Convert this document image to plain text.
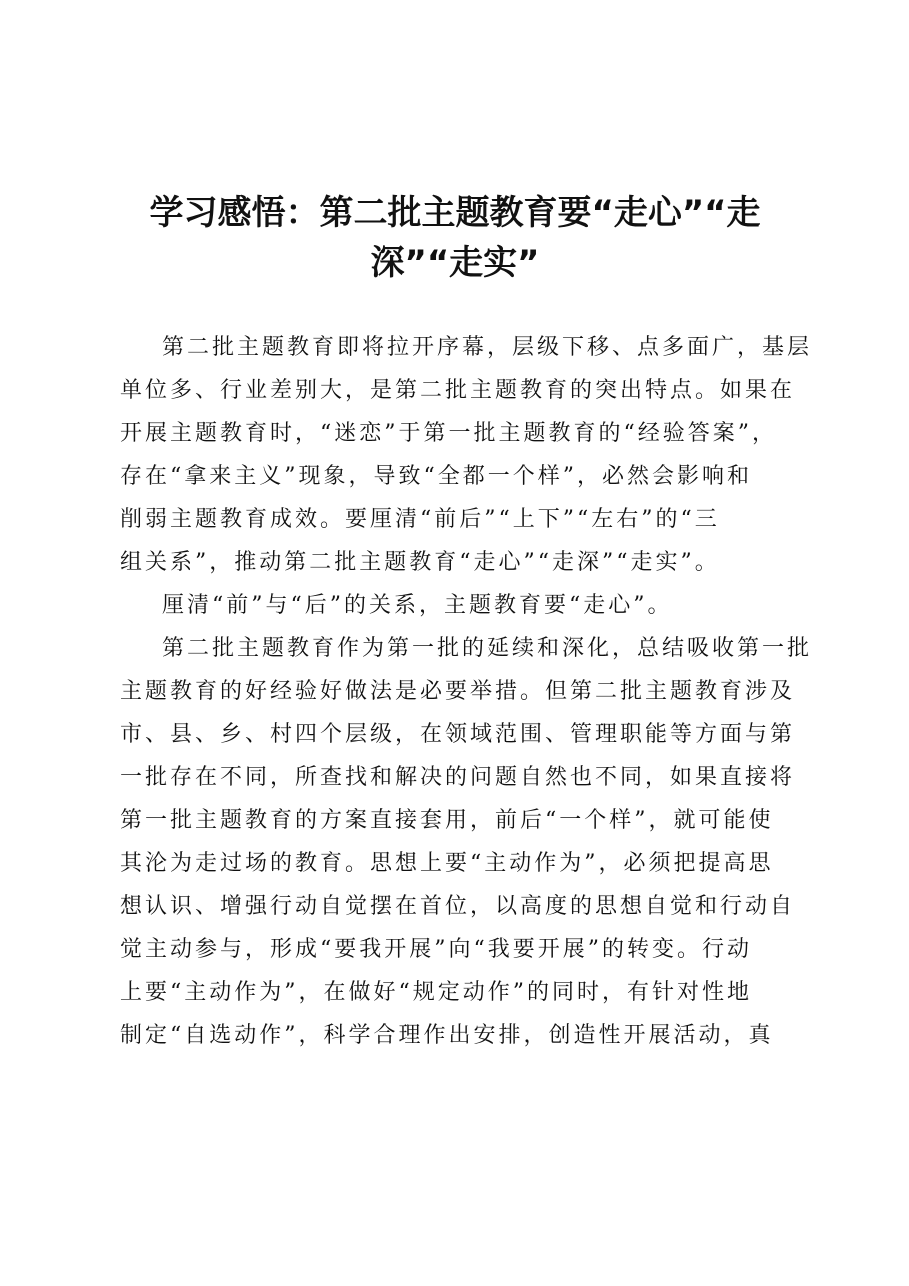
学习感悟：第二批主题教育要“走心”“走
深”“走实”

第二批主题教育即将拉开序幕，层级下移、点多面广，基层
单位多、行业差别大，是第二批主题教育的突出特点。如果在
开展主题教育时，“迷恋”于第一批主题教育的“经验答案”，
存在“拿来主义”现象，导致“全都一个样”，必然会影响和
削弱主题教育成效。要厘清“前后”“上下”“左右”的“三
组关系”，推动第二批主题教育“走心”“走深”“走实”。

厘清“前”与“后”的关系，主题教育要“走心”。

第二批主题教育作为第一批的延续和深化，总结吸收第一批
主题教育的好经验好做法是必要举措。但第二批主题教育涉及
市、县、乡、村四个层级，在领域范围、管理职能等方面与第
一批存在不同，所查找和解决的问题自然也不同，如果直接将
第一批主题教育的方案直接套用，前后“一个样”，就可能使
其沦为走过场的教育。思想上要“主动作为”，必须把提高思
想认识、增强行动自觉摆在首位，以高度的思想自觉和行动自
觉主动参与，形成“要我开展”向“我要开展”的转变。行动
上要“主动作为”，在做好“规定动作”的同时，有针对性地
制定“自选动作”，科学合理作出安排，创造性开展活动，真
